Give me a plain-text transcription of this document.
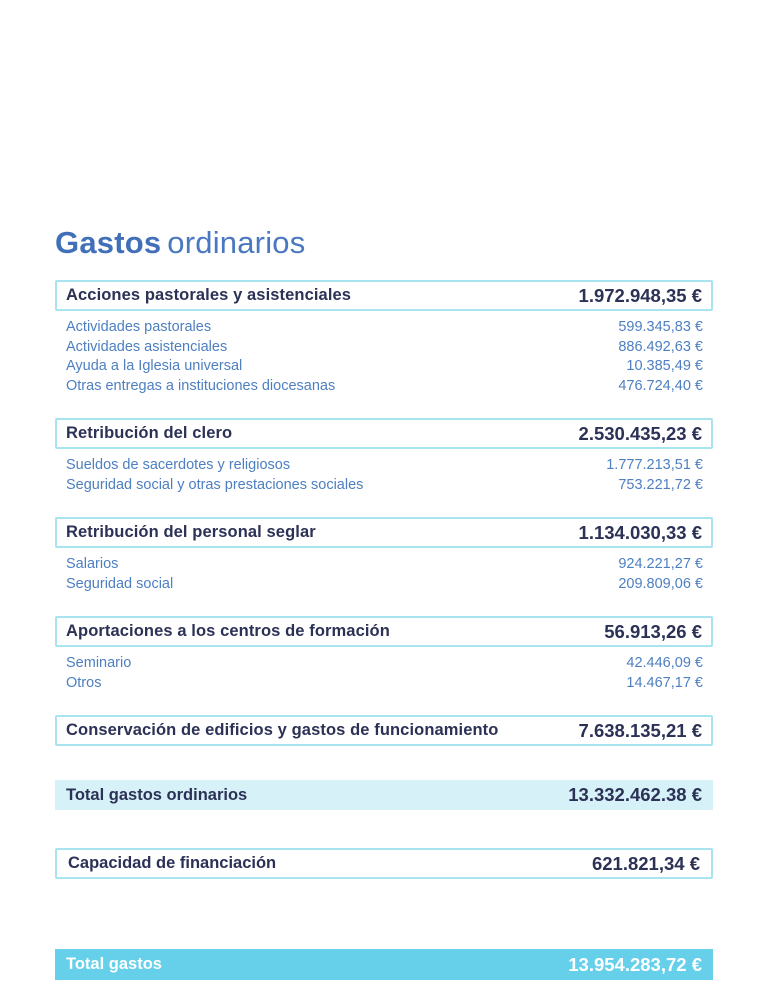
Gastos ordinarios
Acciones pastorales y asistenciales	1.972.948,35 €
Actividades pastorales	599.345,83 €
Actividades asistenciales	886.492,63 €
Ayuda a la Iglesia universal	10.385,49 €
Otras entregas a instituciones diocesanas	476.724,40 €
Retribución del clero	2.530.435,23 €
Sueldos de sacerdotes y religiosos	1.777.213,51 €
Seguridad social y otras prestaciones sociales	753.221,72 €
Retribución del personal seglar	1.134.030,33 €
Salarios	924.221,27 €
Seguridad social	209.809,06 €
Aportaciones a los centros de formación	56.913,26 €
Seminario	42.446,09 €
Otros	14.467,17 €
Conservación de edificios y gastos de funcionamiento	7.638.135,21 €
Total gastos ordinarios	13.332.462.38 €
Capacidad de financiación	621.821,34 €
Total gastos	13.954.283,72 €
